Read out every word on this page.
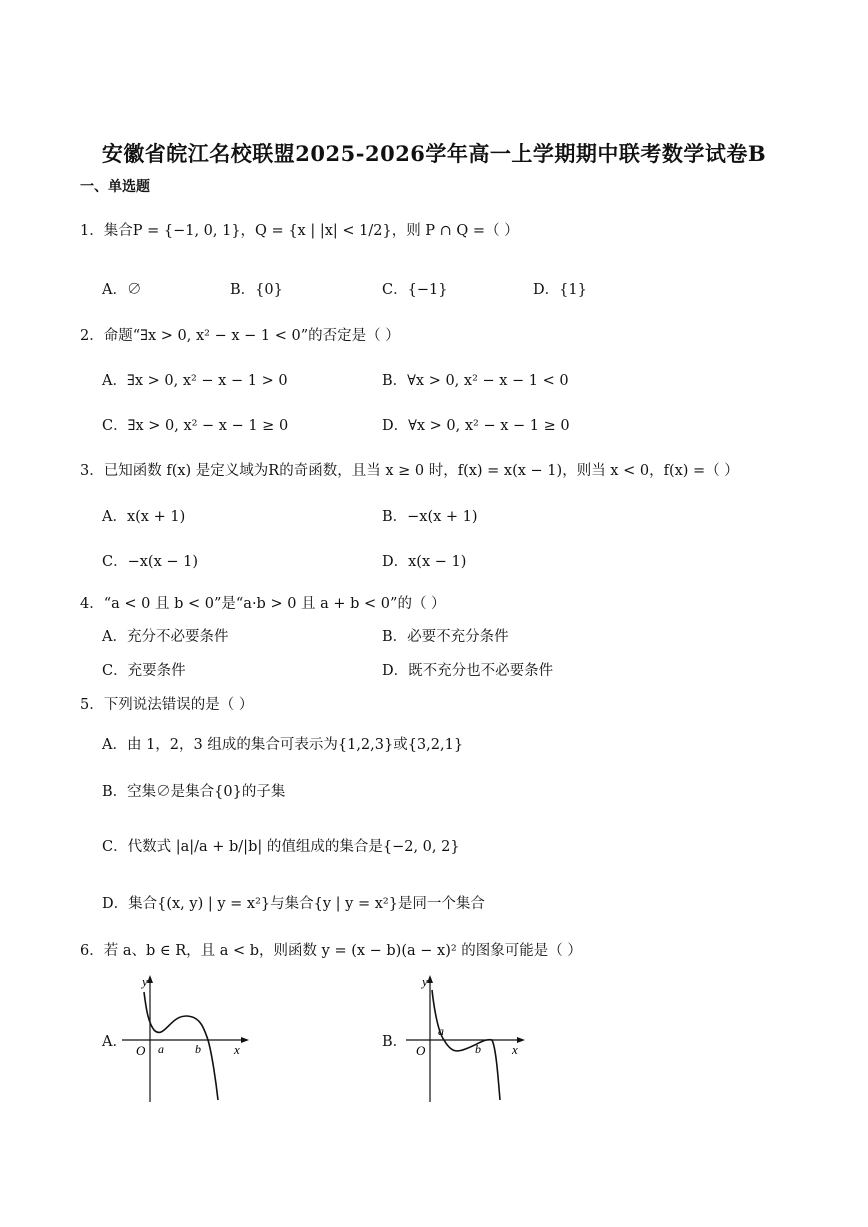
安徽省皖江名校联盟2025-2026学年高一上学期期中联考数学试卷B
一、单选题
1．集合P = {−1, 0, 1}，Q = {x | |x| < 1/2}，则 P ∩ Q =（ ）
A．∅	B．{0}	C．{−1}	D．{1}
2．命题“∃x > 0, x² − x − 1 < 0”的否定是（ ）
A．∃x > 0, x² − x − 1 > 0	B．∀x > 0, x² − x − 1 < 0
C．∃x > 0, x² − x − 1 ≥ 0	D．∀x > 0, x² − x − 1 ≥ 0
3．已知函数 f(x) 是定义域为R的奇函数，且当 x ≥ 0 时，f(x) = x(x − 1)，则当 x < 0，f(x) =（ ）
A．x(x + 1)	B．−x(x + 1)
C．−x(x − 1)	D．x(x − 1)
4．“a < 0 且 b < 0”是“a·b > 0 且 a + b < 0”的（ ）
A．充分不必要条件	B．必要不充分条件
C．充要条件	D．既不充分也不必要条件
5．下列说法错误的是（ ）
A．由 1，2，3 组成的集合可表示为{1,2,3}或{3,2,1}
B．空集∅是集合{0}的子集
C．代数式 |a|/a + b/|b| 的值组成的集合是{−2, 0, 2}
D．集合{(x, y) | y = x²}与集合{y | y = x²}是同一个集合
6．若 a、b ∈ R，且 a < b，则函数 y = (x − b)(a − x)² 的图象可能是（ ）
A．	B．
y
x
O a	b
y
x
O
a
b
